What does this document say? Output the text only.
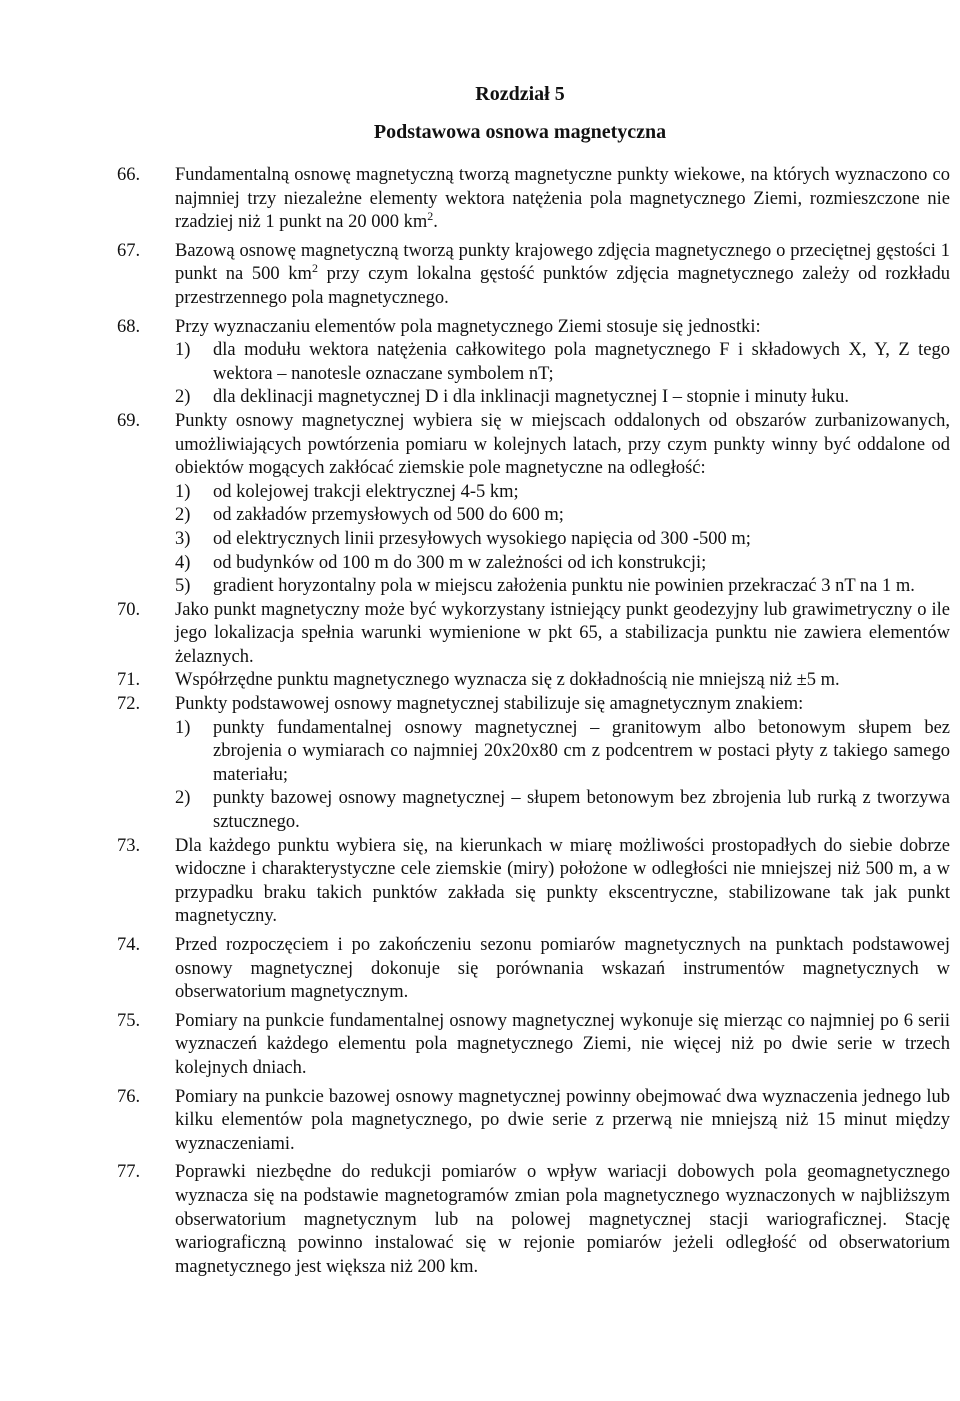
Rozdział 5

Podstawowa osnowa magnetyczna

66.	Fundamentalną osnowę magnetyczną tworzą magnetyczne punkty wiekowe, na których wyznaczono co najmniej trzy niezależne elementy wektora natężenia pola magnetycznego Ziemi, rozmieszczone nie rzadziej niż 1 punkt na 20 000 $km^2$.
67.	Bazową osnowę magnetyczną tworzą punkty krajowego zdjęcia magnetycznego o przeciętnej gęstości 1 punkt na 500 $km^2$ przy czym lokalna gęstość punktów zdjęcia magnetycznego zależy od rozkładu przestrzennego pola magnetycznego.
68.	Przy wyznaczaniu elementów pola magnetycznego Ziemi stosuje się jednostki:
1)	dla modułu wektora natężenia całkowitego pola magnetycznego F i składowych X, Y, Z tego wektora – nanotesle oznaczane symbolem nT;
2)	dla deklinacji magnetycznej D i dla inklinacji magnetycznej I – stopnie i minuty łuku.
69.	Punkty osnowy magnetycznej wybiera się w miejscach oddalonych od obszarów zurbanizowanych, umożliwiających powtórzenia pomiaru w kolejnych latach, przy czym punkty winny być oddalone od obiektów mogących zakłócać ziemskie pole magnetyczne na odległość:
1)	od kolejowej trakcji elektrycznej 4-5 km;
2)	od zakładów przemysłowych od 500 do 600 m;
3)	od elektrycznych linii przesyłowych wysokiego napięcia od 300 -500 m;
4)	od budynków od 100 m do 300 m w zależności od ich konstrukcji;
5)	gradient horyzontalny pola w miejscu założenia punktu nie powinien przekraczać 3 nT na 1 m.
70.	Jako punkt magnetyczny może być wykorzystany istniejący punkt geodezyjny lub grawimetryczny o ile jego lokalizacja spełnia warunki wymienione w pkt 65, a stabilizacja punktu nie zawiera elementów żelaznych.
71.	Współrzędne punktu magnetycznego wyznacza się z dokładnością nie mniejszą niż ±5 m.
72.	Punkty podstawowej osnowy magnetycznej stabilizuje się amagnetycznym znakiem:
1)	punkty fundamentalnej osnowy magnetycznej – granitowym albo betonowym słupem bez zbrojenia o wymiarach co najmniej 20x20x80 cm z podcentrem w postaci płyty z takiego samego materiału;
2)	punkty bazowej osnowy magnetycznej – słupem betonowym bez zbrojenia lub rurką z tworzywa sztucznego.
73.	Dla każdego punktu wybiera się, na kierunkach w miarę możliwości prostopadłych do siebie dobrze widoczne i charakterystyczne cele ziemskie (miry) położone w odległości nie mniejszej niż 500 m, a w przypadku braku takich punktów zakłada się punkty ekscentryczne, stabilizowane tak jak punkt magnetyczny.
74.	Przed rozpoczęciem i po zakończeniu sezonu pomiarów magnetycznych na punktach podstawowej osnowy magnetycznej dokonuje się porównania wskazań instrumentów magnetycznych w obserwatorium magnetycznym.
75.	Pomiary na punkcie fundamentalnej osnowy magnetycznej wykonuje się mierząc co najmniej po 6 serii wyznaczeń każdego elementu pola magnetycznego Ziemi, nie więcej niż po dwie serie w trzech kolejnych dniach.
76.	Pomiary na punkcie bazowej osnowy magnetycznej powinny obejmować dwa wyznaczenia jednego lub kilku elementów pola magnetycznego, po dwie serie z przerwą nie mniejszą niż 15 minut między wyznaczeniami.
77.	Poprawki niezbędne do redukcji pomiarów o wpływ wariacji dobowych pola geomagnetycznego wyznacza się na podstawie magnetogramów zmian pola magnetycznego wyznaczonych w najbliższym obserwatorium magnetycznym lub na polowej magnetycznej stacji wariograficznej. Stację wariograficzną powinno instalować się w rejonie pomiarów jeżeli odległość od obserwatorium magnetycznego jest większa niż 200 km.
